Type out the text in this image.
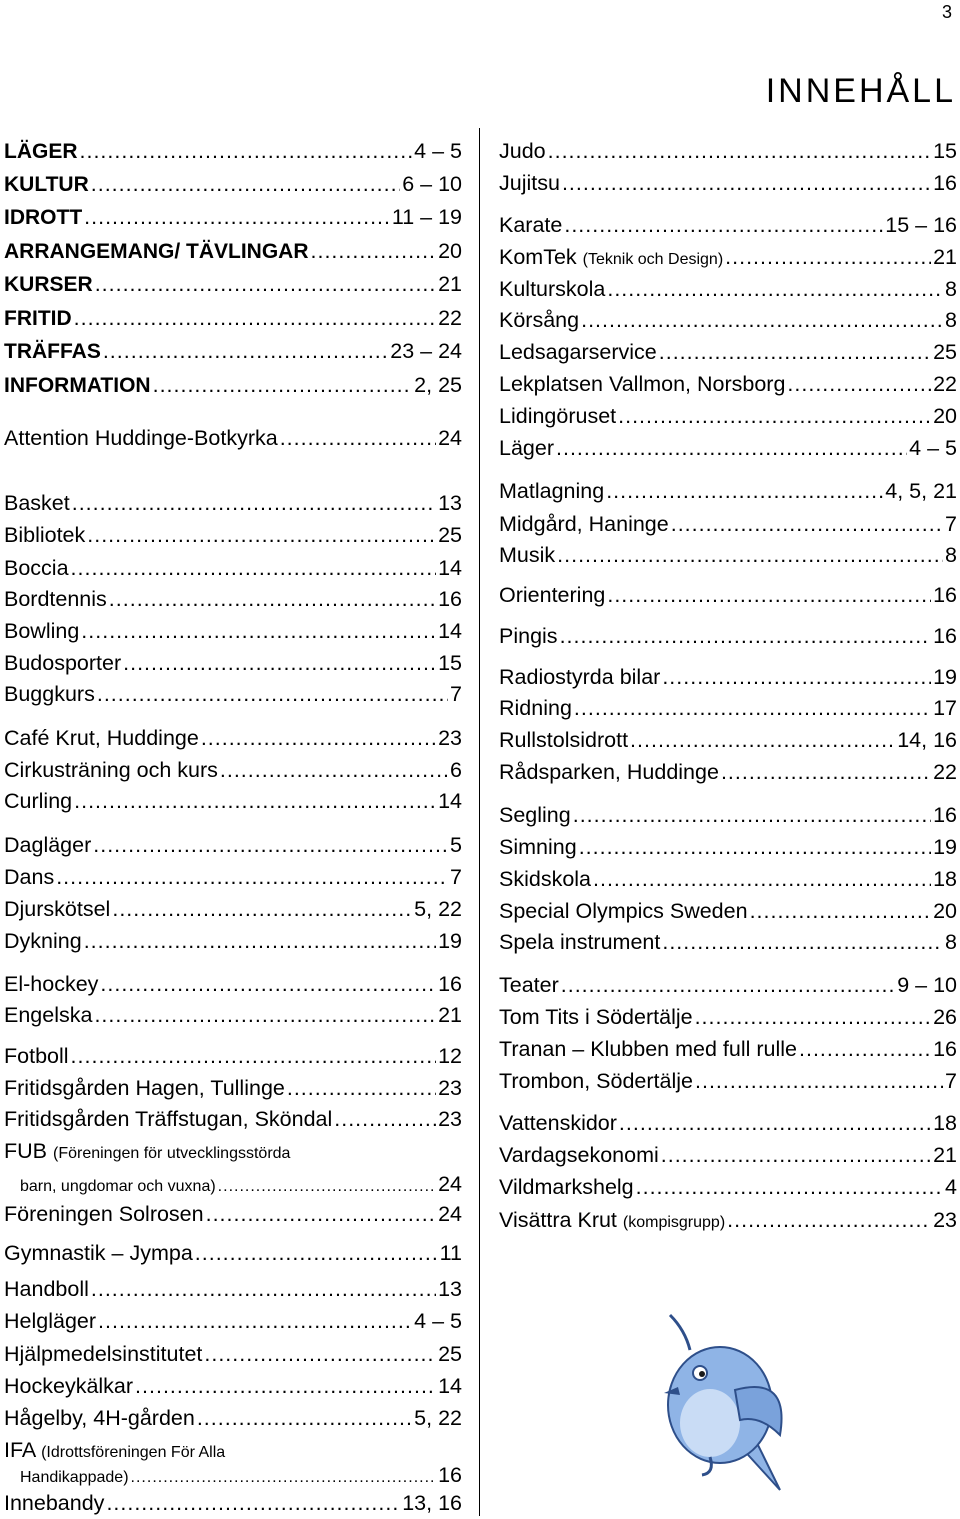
3
INNEHÅLL
LÄGER .....	4 – 5
KULTUR .....	6 – 10
IDROTT .....	11 – 19
ARRANGEMANG/ TÄVLINGAR .....	20
KURSER .....	21
FRITID .....	22
TRÄFFAS .....	23 – 24
INFORMATION .....	2, 25
Attention Huddinge-Botkyrka .....	24
Basket .....	13
Bibliotek .....	25
Boccia .....	14
Bordtennis .....	16
Bowling .....	14
Budosporter .....	15
Buggkurs .....	7
Café Krut, Huddinge .....	23
Cirkusträning och kurs .....	6
Curling .....	14
Dagläger .....	5
Dans .....	7
Djurskötsel .....	5, 22
Dykning .....	19
El-hockey .....	16
Engelska .....	21
Fotboll .....	12
Fritidsgården Hagen, Tullinge .....	23
Fritidsgården Träffstugan, Sköndal .....	23
Föreningen Solrosen .....	24
Gymnastik – Jympa .....	11
Handboll .....	13
Helgläger .....	4 – 5
Hjälpmedelsinstitutet .....	25
Hockeykälkar .....	14
Hågelby, 4H-gården .....	5, 22
Innebandy .....	13, 16
Judo .....	15
Jujitsu .....	16
Karate .....	15 – 16
KomTek (Teknik och Design) .....	21
Kulturskola .....	8
Körsång .....	8
Ledsagarservice .....	25
Lekplatsen Vallmon, Norsborg .....	22
Lidingöruset .....	20
Läger .....	4 – 5
Matlagning .....	4, 5, 21
Midgård, Haninge .....	7
Musik .....	8
Orientering .....	16
Pingis .....	16
Radiostyrda bilar .....	19
Ridning .....	17
Rullstolsidrott .....	14, 16
Rådsparken, Huddinge .....	22
Segling .....	16
Simning .....	19
Skidskola .....	18
Special Olympics Sweden .....	20
Spela instrument .....	8
Teater .....	9 – 10
Tom Tits i Södertälje .....	26
Tranan – Klubben med full rulle .....	16
Trombon, Södertälje .....	7
Vattenskidor .....	18
Vardagsekonomi .....	21
Vildmarkshelg .....	4
Visättra Krut (kompisgrupp) .....	23
FUB (Föreningen för utvecklingsstörda
barn, ungdomar och vuxna) .....	24
IFA (Idrottsföreningen För Alla
Handikappade) .....	16
